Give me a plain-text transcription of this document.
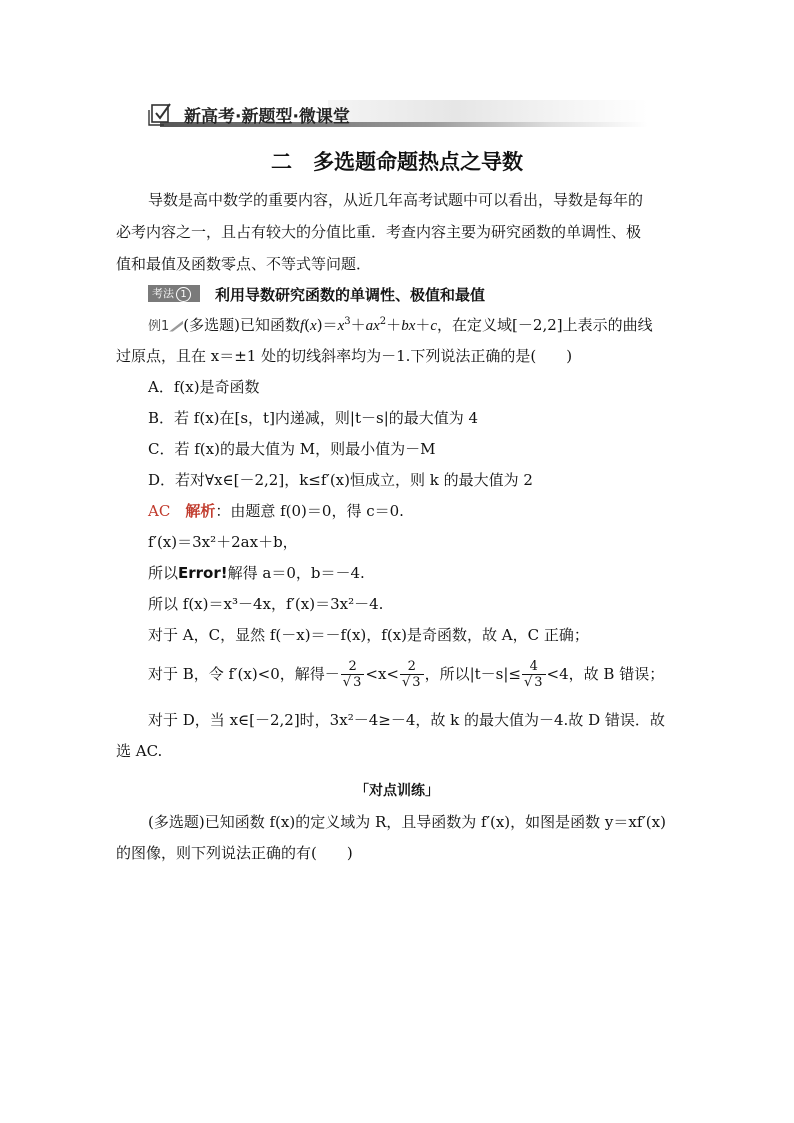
新高考·新题型·微课堂
二　多选题命题热点之导数
导数是高中数学的重要内容，从近几年高考试题中可以看出，导数是每年的
必考内容之一，且占有较大的分值比重．考查内容主要为研究函数的单调性、极
值和最值及函数零点、不等式等问题．
考法 1	利用导数研究函数的单调性、极值和最值
例1 (多选题)已知函数$f(x)=x^3+ax^2+bx+c$，在定义域[－2,2]上表示的曲线
过原点，且在 x＝±1 处的切线斜率均为－1.下列说法正确的是(　　)
A．f(x)是奇函数
B．若 f(x)在[s，t]内递减，则|t－s|的最大值为 4
C．若 f(x)的最大值为 M，则最小值为－M
D．若对∀x∈[－2,2]，k≤f′(x)恒成立，则 k 的最大值为 2
AC　 解析：由题意 f(0)＝0，得 c＝0.
f′(x)＝3x²＋2ax＋b，
所以Error!解得 a＝0，b＝－4.
所以 f(x)＝x³－4x，f′(x)＝3x²－4.
对于 A，C，显然 f(－x)＝－f(x)，f(x)是奇函数，故 A，C 正确；
对于 B，令 f′(x)<0，解得－ $\frac{2}{√ 3} <x< \frac{2}{√ 3}$ ，所以$|t-s|\le \frac{4}{√ 3} <4$，故 B 错误；
对于 D，当 x∈[－2,2]时，3x²－4≥－4，故 k 的最大值为－4.故 D 错误．故
选 AC.
「对点训练」
(多选题)已知函数 f(x)的定义域为 R，且导函数为 f′(x)，如图是函数 y＝xf′(x)
的图像，则下列说法正确的有(　　)
